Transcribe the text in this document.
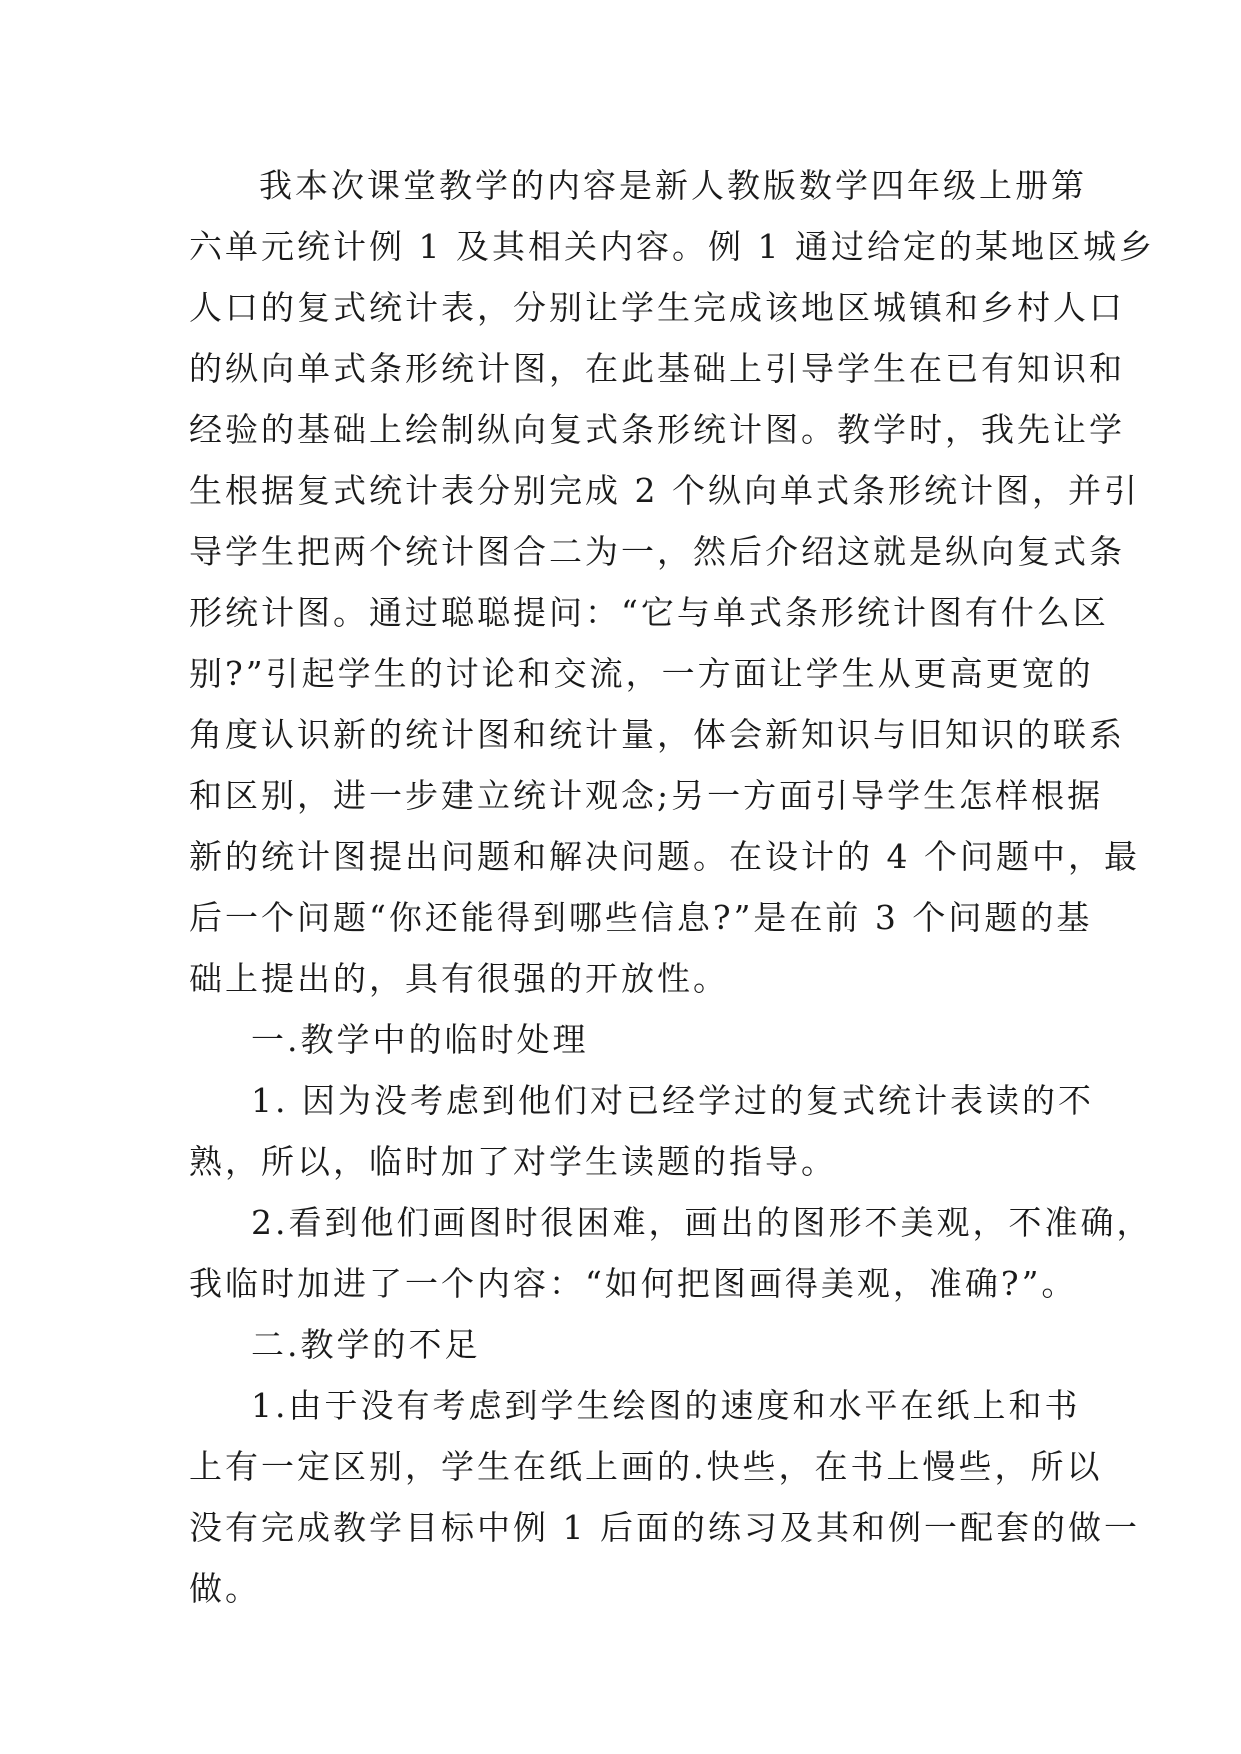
我本次课堂教学的内容是新人教版数学四年级上册第
六单元统计例 1 及其相关内容。例 1 通过给定的某地区城乡
人口的复式统计表，分别让学生完成该地区城镇和乡村人口
的纵向单式条形统计图，在此基础上引导学生在已有知识和
经验的基础上绘制纵向复式条形统计图。教学时，我先让学
生根据复式统计表分别完成 2 个纵向单式条形统计图，并引
导学生把两个统计图合二为一，然后介绍这就是纵向复式条
形统计图。通过聪聪提问：“它与单式条形统计图有什么区
别?”引起学生的讨论和交流，一方面让学生从更高更宽的
角度认识新的统计图和统计量，体会新知识与旧知识的联系
和区别，进一步建立统计观念;另一方面引导学生怎样根据
新的统计图提出问题和解决问题。在设计的 4 个问题中，最
后一个问题“你还能得到哪些信息?”是在前 3 个问题的基
础上提出的，具有很强的开放性。
一.教学中的临时处理
1. 因为没考虑到他们对已经学过的复式统计表读的不
熟，所以，临时加了对学生读题的指导。
2.看到他们画图时很困难，画出的图形不美观，不准确，
我临时加进了一个内容：“如何把图画得美观，准确?”。
二.教学的不足
1.由于没有考虑到学生绘图的速度和水平在纸上和书
上有一定区别，学生在纸上画的.快些，在书上慢些，所以
没有完成教学目标中例 1 后面的练习及其和例一配套的做一
做。
